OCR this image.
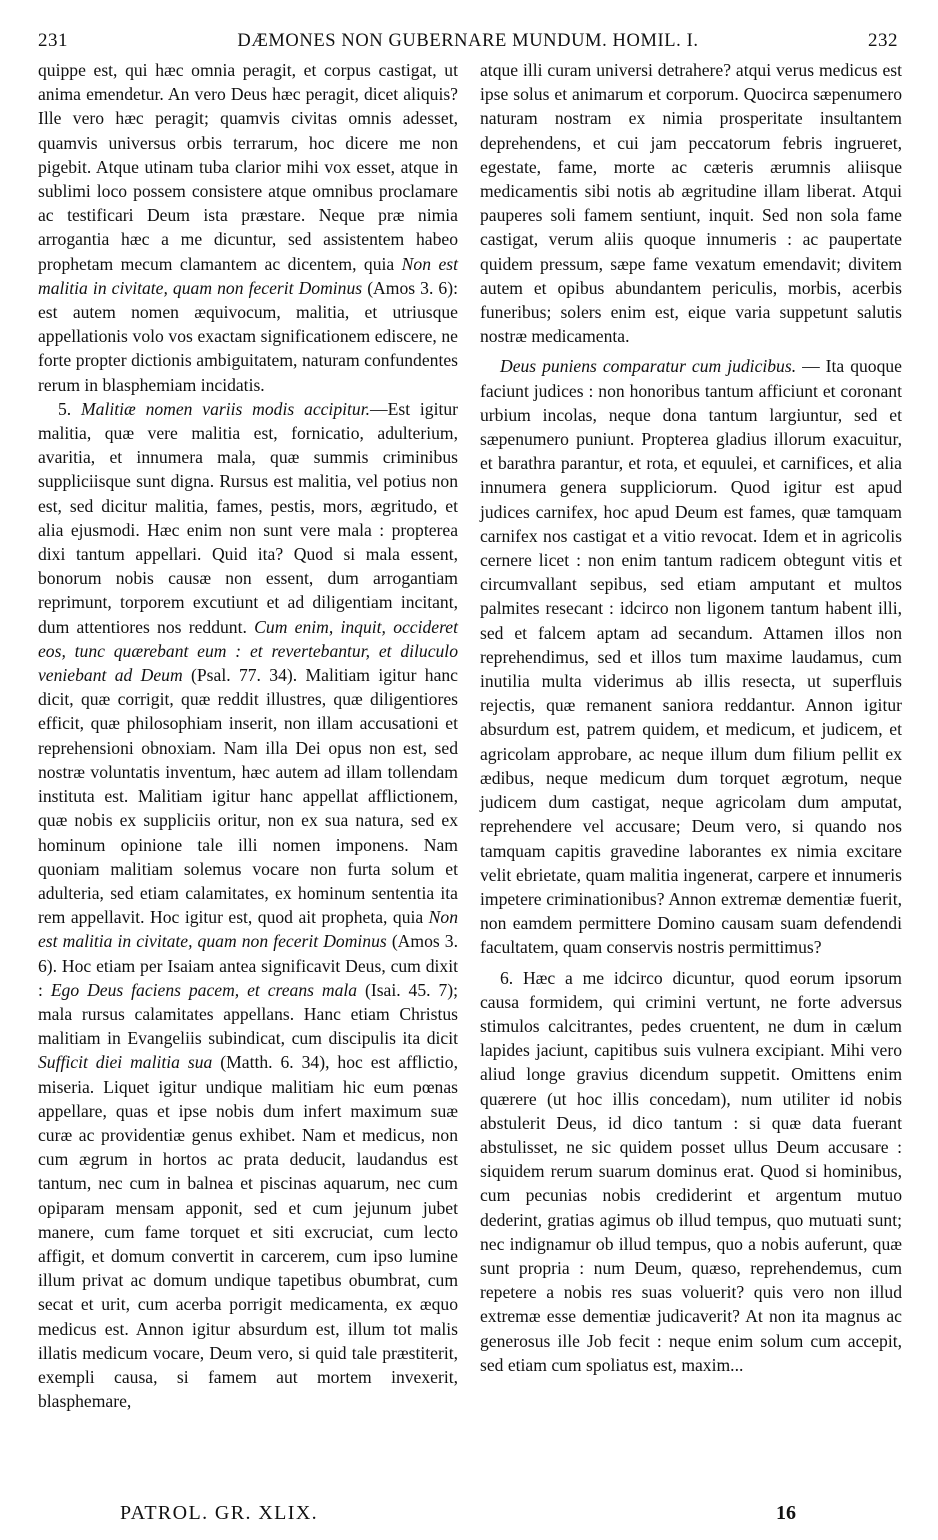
231	DÆMONES NON GUBERNARE MUNDUM. HOMIL. I.	232

quippe est, qui hæc omnia peragit, et corpus castigat, ut anima emendetur. An vero Deus hæc peragit, dicet aliquis? Ille vero hæc peragit; quamvis civitas omnis adesset, quamvis universus orbis terrarum, hoc dicere me non pigebit. Atque utinam tuba clarior mihi vox esset, atque in sublimi loco possem consistere atque omnibus proclamare ac testificari Deum ista præstare. Neque præ nimia arrogantia hæc a me dicuntur, sed assistentem habeo prophetam mecum clamantem ac dicentem, quia Non est malitia in civitate, quam non fecerit Dominus (Amos 3. 6): est autem nomen æquivocum, malitia, et utriusque appellationis volo vos exactam significationem ediscere, ne forte propter dictionis ambiguitatem, naturam confundentes rerum in blasphemiam incidatis.

5. Malitiæ nomen variis modis accipitur.—Est igitur malitia, quæ vere malitia est, fornicatio, adulterium, avaritia, et innumera mala, quæ summis criminibus suppliciisque sunt digna. Rursus est malitia, vel potius non est, sed dicitur malitia, fames, pestis, mors, ægritudo, et alia ejusmodi. Hæc enim non sunt vere mala : propterea dixi tantum appellari. Quid ita? Quod si mala essent, bonorum nobis causæ non essent, dum arrogantiam reprimunt, torporem excutiunt et ad diligentiam incitant, dum attentiores nos reddunt. Cum enim, inquit, occideret eos, tunc quærebant eum : et revertebantur, et diluculo veniebant ad Deum (Psal. 77. 34). Malitiam igitur hanc dicit, quæ corrigit, quæ reddit illustres, quæ diligentiores efficit, quæ philosophiam inserit, non illam accusationi et reprehensioni obnoxiam. Nam illa Dei opus non est, sed nostræ voluntatis inventum, hæc autem ad illam tollendam instituta est. Malitiam igitur hanc appellat afflictionem, quæ nobis ex suppliciis oritur, non ex sua natura, sed ex hominum opinione tale illi nomen imponens. Nam quoniam malitiam solemus vocare non furta solum et adulteria, sed etiam calamitates, ex hominum sententia ita rem appellavit. Hoc igitur est, quod ait propheta, quia Non est malitia in civitate, quam non fecerit Dominus (Amos 3. 6). Hoc etiam per Isaiam antea significavit Deus, cum dixit : Ego Deus faciens pacem, et creans mala (Isai. 45. 7); mala rursus calamitates appellans. Hanc etiam Christus malitiam in Evangeliis subindicat, cum discipulis ita dicit Sufficit diei malitia sua (Matth. 6. 34), hoc est afflictio, miseria. Liquet igitur undique malitiam hic eum pœnas appellare, quas et ipse nobis dum infert maximum suæ curæ ac providentiæ genus exhibet. Nam et medicus, non cum ægrum in hortos ac prata deducit, laudandus est tantum, nec cum in balnea et piscinas aquarum, nec cum opiparam mensam apponit, sed et cum jejunum jubet manere, cum fame torquet et siti excruciat, cum lecto affigit, et domum convertit in carcerem, cum ipso lumine illum privat ac domum undique tapetibus obumbrat, cum secat et urit, cum acerba porrigit medicamenta, ex æquo medicus est. Annon igitur absurdum est, illum tot malis illatis medicum vocare, Deum vero, si quid tale præstiterit, exempli causa, si famem aut mortem invexerit, blasphemare,

atque illi curam universi detrahere? atqui verus medicus est ipse solus et animarum et corporum. Quocirca sæpenumero naturam nostram ex nimia prosperitate insultantem deprehendens, et cui jam peccatorum febris ingrueret, egestate, fame, morte ac cæteris ærumnis aliisque medicamentis sibi notis ab ægritudine illam liberat. Atqui pauperes soli famem sentiunt, inquit. Sed non sola fame castigat, verum aliis quoque innumeris : ac paupertate quidem pressum, sæpe fame vexatum emendavit; divitem autem et opibus abundantem periculis, morbis, acerbis funeribus; solers enim est, eique varia suppetunt salutis nostræ medicamenta.

Deus puniens comparatur cum judicibus. — Ita quoque faciunt judices : non honoribus tantum afficiunt et coronant urbium incolas, neque dona tantum largiuntur, sed et sæpenumero puniunt. Propterea gladius illorum exacuitur, et barathra parantur, et rota, et equulei, et carnifices, et alia innumera genera suppliciorum. Quod igitur est apud judices carnifex, hoc apud Deum est fames, quæ tamquam carnifex nos castigat et a vitio revocat. Idem et in agricolis cernere licet : non enim tantum radicem obtegunt vitis et circumvallant sepibus, sed etiam amputant et multos palmites resecant : idcirco non ligonem tantum habent illi, sed et falcem aptam ad secandum. Attamen illos non reprehendimus, sed et illos tum maxime laudamus, cum inutilia multa viderimus ab illis resecta, ut superfluis rejectis, quæ remanent saniora reddantur. Annon igitur absurdum est, patrem quidem, et medicum, et judicem, et agricolam approbare, ac neque illum dum filium pellit ex ædibus, neque medicum dum torquet ægrotum, neque judicem dum castigat, neque agricolam dum amputat, reprehendere vel accusare; Deum vero, si quando nos tamquam capitis gravedine laborantes ex nimia excitare velit ebrietate, quam malitia ingenerat, carpere et innumeris impetere criminationibus? Annon extremæ dementiæ fuerit, non eamdem permittere Domino causam suam defendendi facultatem, quam conservis nostris permittimus?

6. Hæc a me idcirco dicuntur, quod eorum ipsorum causa formidem, qui crimini vertunt, ne forte adversus stimulos calcitrantes, pedes cruentent, ne dum in cælum lapides jaciunt, capitibus suis vulnera excipiant. Mihi vero aliud longe gravius dicendum suppetit. Omittens enim quærere (ut hoc illis concedam), num utiliter id nobis abstulerit Deus, id dico tantum : si quæ data fuerant abstulisset, ne sic quidem posset ullus Deum accusare : siquidem rerum suarum dominus erat. Quod si hominibus, cum pecunias nobis crediderint et argentum mutuo dederint, gratias agimus ob illud tempus, quo mutuati sunt; nec indignamur ob illud tempus, quo a nobis auferunt, quæ sunt propria : num Deum, quæso, reprehendemus, cum repetere a nobis res suas voluerit? quis vero non illud extremæ esse dementiæ judicaverit? At non ita magnus ac generosus ille Job fecit : neque enim solum cum accepit, sed etiam cum spoliatus est, maxim...

PATROL. GR. XLIX.	16
